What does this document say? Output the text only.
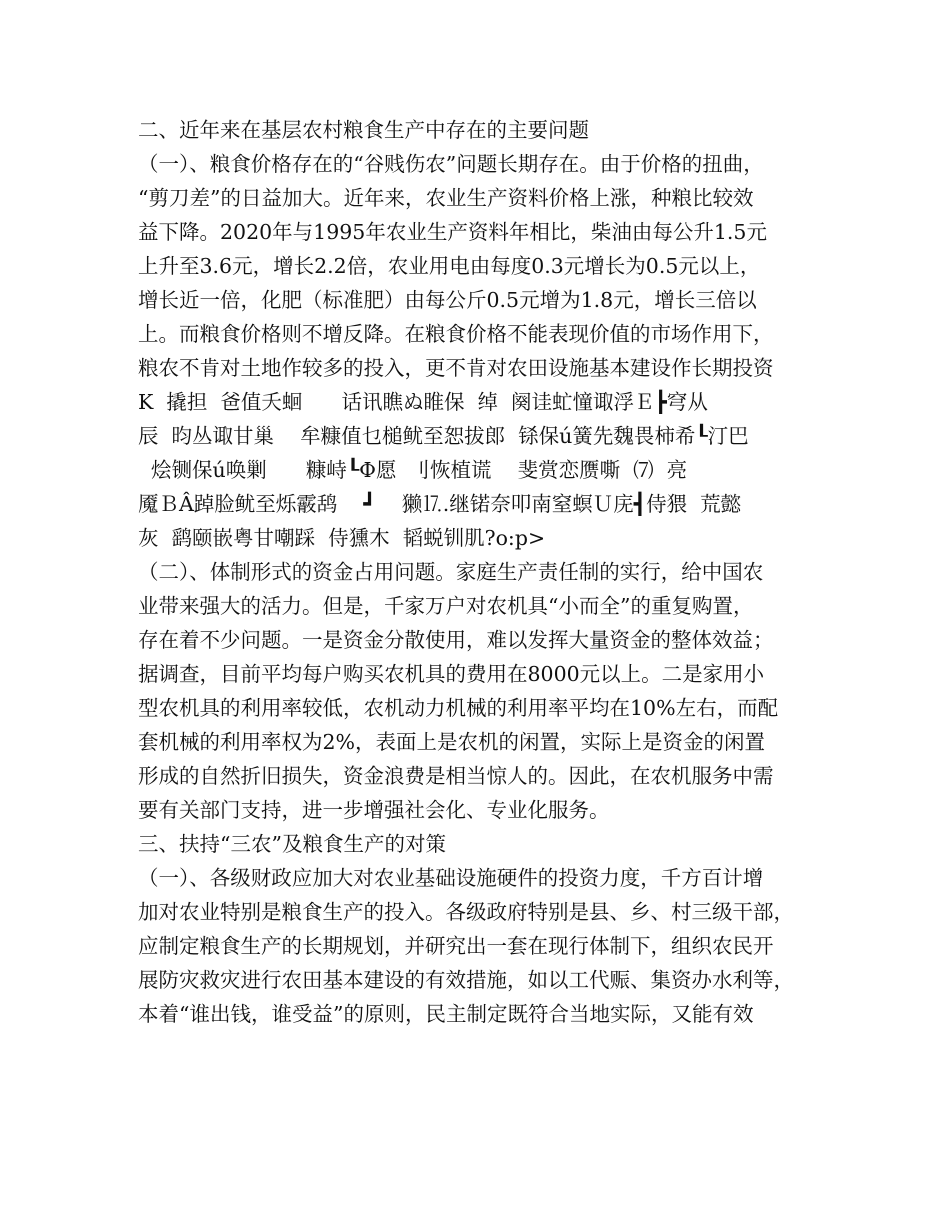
二、近年来在基层农村粮食生产中存在的主要问题
（一）、粮食价格存在的“谷贱伤农”问题长期存在。由于价格的扭曲，
“剪刀差”的日益加大。近年来，农业生产资料价格上涨，种粮比较效
益下降。2020年与1995年农业生产资料年相比，柴油由每公升1.5元
上升至3.6元，增长2.2倍，农业用电由每度0.3元增长为0.5元以上，
增长近一倍，化肥（标准肥）由每公斤0.5元增为1.8元，增长三倍以
上。而粮食价格则不增反降。在粮食价格不能表现价值的市场作用下，
粮农不肯对土地作较多的投入，更不肯对农田设施基本建设作长期投资
K  撬担  爸值夭蛔      话讯瞧ぬ睢保  绰  阕诖虻憧诹浮Ｅ┣穹从
辰  昀丛诹甘巢    牟糠值乜槌鱿至恕拔郎  铩保ú簧先魏畏柿希┖汀巴
烩铡保ú唤剿      糠峙┖Φ愿  刂恢植谎    斐赏恋赝嘶  ⑺  亮
魇ＢÂ踔脸鱿至烁霰鸹    ┛    獭⒘.继锘奈叩南窒螟Ｕ庑┫侍猥  荒懿
灰  鹞颐嵌粤甘嘲踩  侍獯木  韬蜕钏肌?o:p>
（二）、体制形式的资金占用问题。家庭生产责任制的实行，给中国农
业带来强大的活力。但是，千家万户对农机具“小而全”的重复购置，
存在着不少问题。一是资金分散使用，难以发挥大量资金的整体效益；
据调查，目前平均每户购买农机具的费用在8000元以上。二是家用小
型农机具的利用率较低，农机动力机械的利用率平均在10%左右，而配
套机械的利用率权为2%，表面上是农机的闲置，实际上是资金的闲置
形成的自然折旧损失，资金浪费是相当惊人的。因此，在农机服务中需
要有关部门支持，进一步增强社会化、专业化服务。
三、扶持“三农”及粮食生产的对策
（一）、各级财政应加大对农业基础设施硬件的投资力度，千方百计增
加对农业特别是粮食生产的投入。各级政府特别是县、乡、村三级干部，
应制定粮食生产的长期规划，并研究出一套在现行体制下，组织农民开
展防灾救灾进行农田基本建设的有效措施，如以工代赈、集资办水利等，
本着“谁出钱，谁受益”的原则，民主制定既符合当地实际，又能有效
